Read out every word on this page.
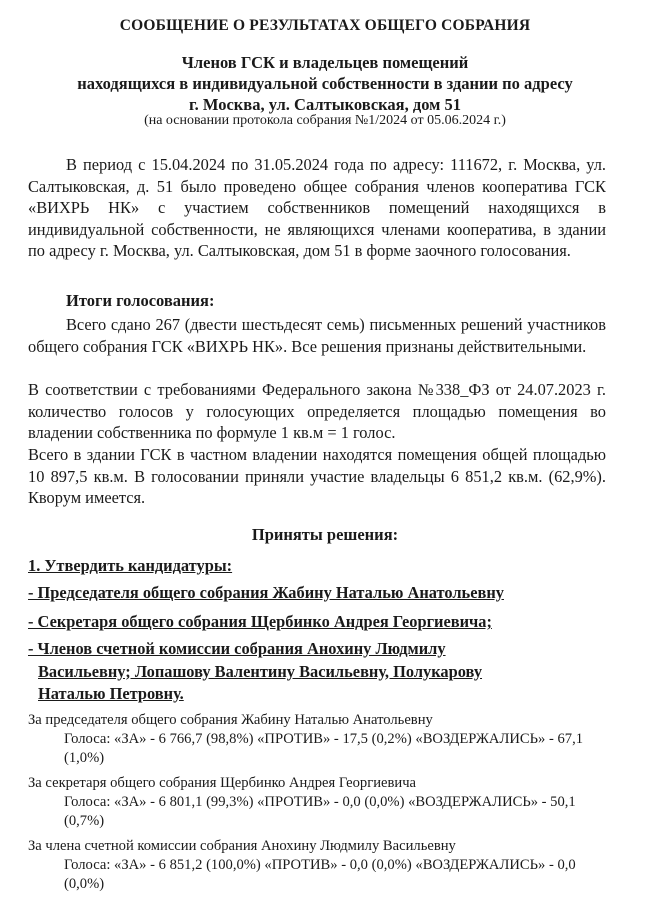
СООБЩЕНИЕ О РЕЗУЛЬТАТАХ ОБЩЕГО СОБРАНИЯ
Членов ГСК и владельцев помещений
находящихся в индивидуальной собственности в здании по адресу
г. Москва, ул. Салтыковская, дом 51
(на основании протокола собрания №1/2024 от 05.06.2024 г.)
В период с 15.04.2024 по 31.05.2024 года по адресу: 111672, г. Москва, ул. Салтыковская, д. 51 было проведено общее собрания членов кооператива ГСК «ВИХРЬ НК» с участием собственников помещений находящихся в индивидуальной собственности, не являющихся членами кооператива, в здании по адресу г. Москва, ул. Салтыковская, дом 51 в форме заочного голосования.
Итоги голосования:
Всего сдано 267 (двести шестьдесят семь) письменных решений участников общего собрания ГСК «ВИХРЬ НК». Все решения признаны действительными.
В соответствии с требованиями Федерального закона №338_ФЗ от 24.07.2023 г. количество голосов у голосующих определяется площадью помещения во владении собственника по формуле 1 кв.м = 1 голос.
Всего в здании ГСК в частном владении находятся помещения общей площадью 10 897,5 кв.м. В голосовании приняли участие владельцы 6 851,2 кв.м. (62,9%). Кворум имеется.
Приняты решения:
1. Утвердить кандидатуры:
- Председателя общего собрания Жабину Наталью Анатольевну
- Секретаря общего собрания Щербинко Андрея Георгиевича;
- Членов счетной комиссии собрания Анохину Людмилу
Васильевну; Лопашову Валентину Васильевну, Полукарову
Наталью Петровну.
За председателя общего собрания Жабину Наталью Анатольевну
Голоса: «ЗА» - 6 766,7 (98,8%) «ПРОТИВ» - 17,5 (0,2%) «ВОЗДЕРЖАЛИСЬ» - 67,1 (1,0%)
За секретаря общего собрания Щербинко Андрея Георгиевича
Голоса: «ЗА» - 6 801,1 (99,3%) «ПРОТИВ» - 0,0 (0,0%) «ВОЗДЕРЖАЛИСЬ» - 50,1 (0,7%)
За члена счетной комиссии собрания Анохину Людмилу Васильевну
Голоса: «ЗА» - 6 851,2 (100,0%) «ПРОТИВ» - 0,0 (0,0%) «ВОЗДЕРЖАЛИСЬ» - 0,0 (0,0%)
